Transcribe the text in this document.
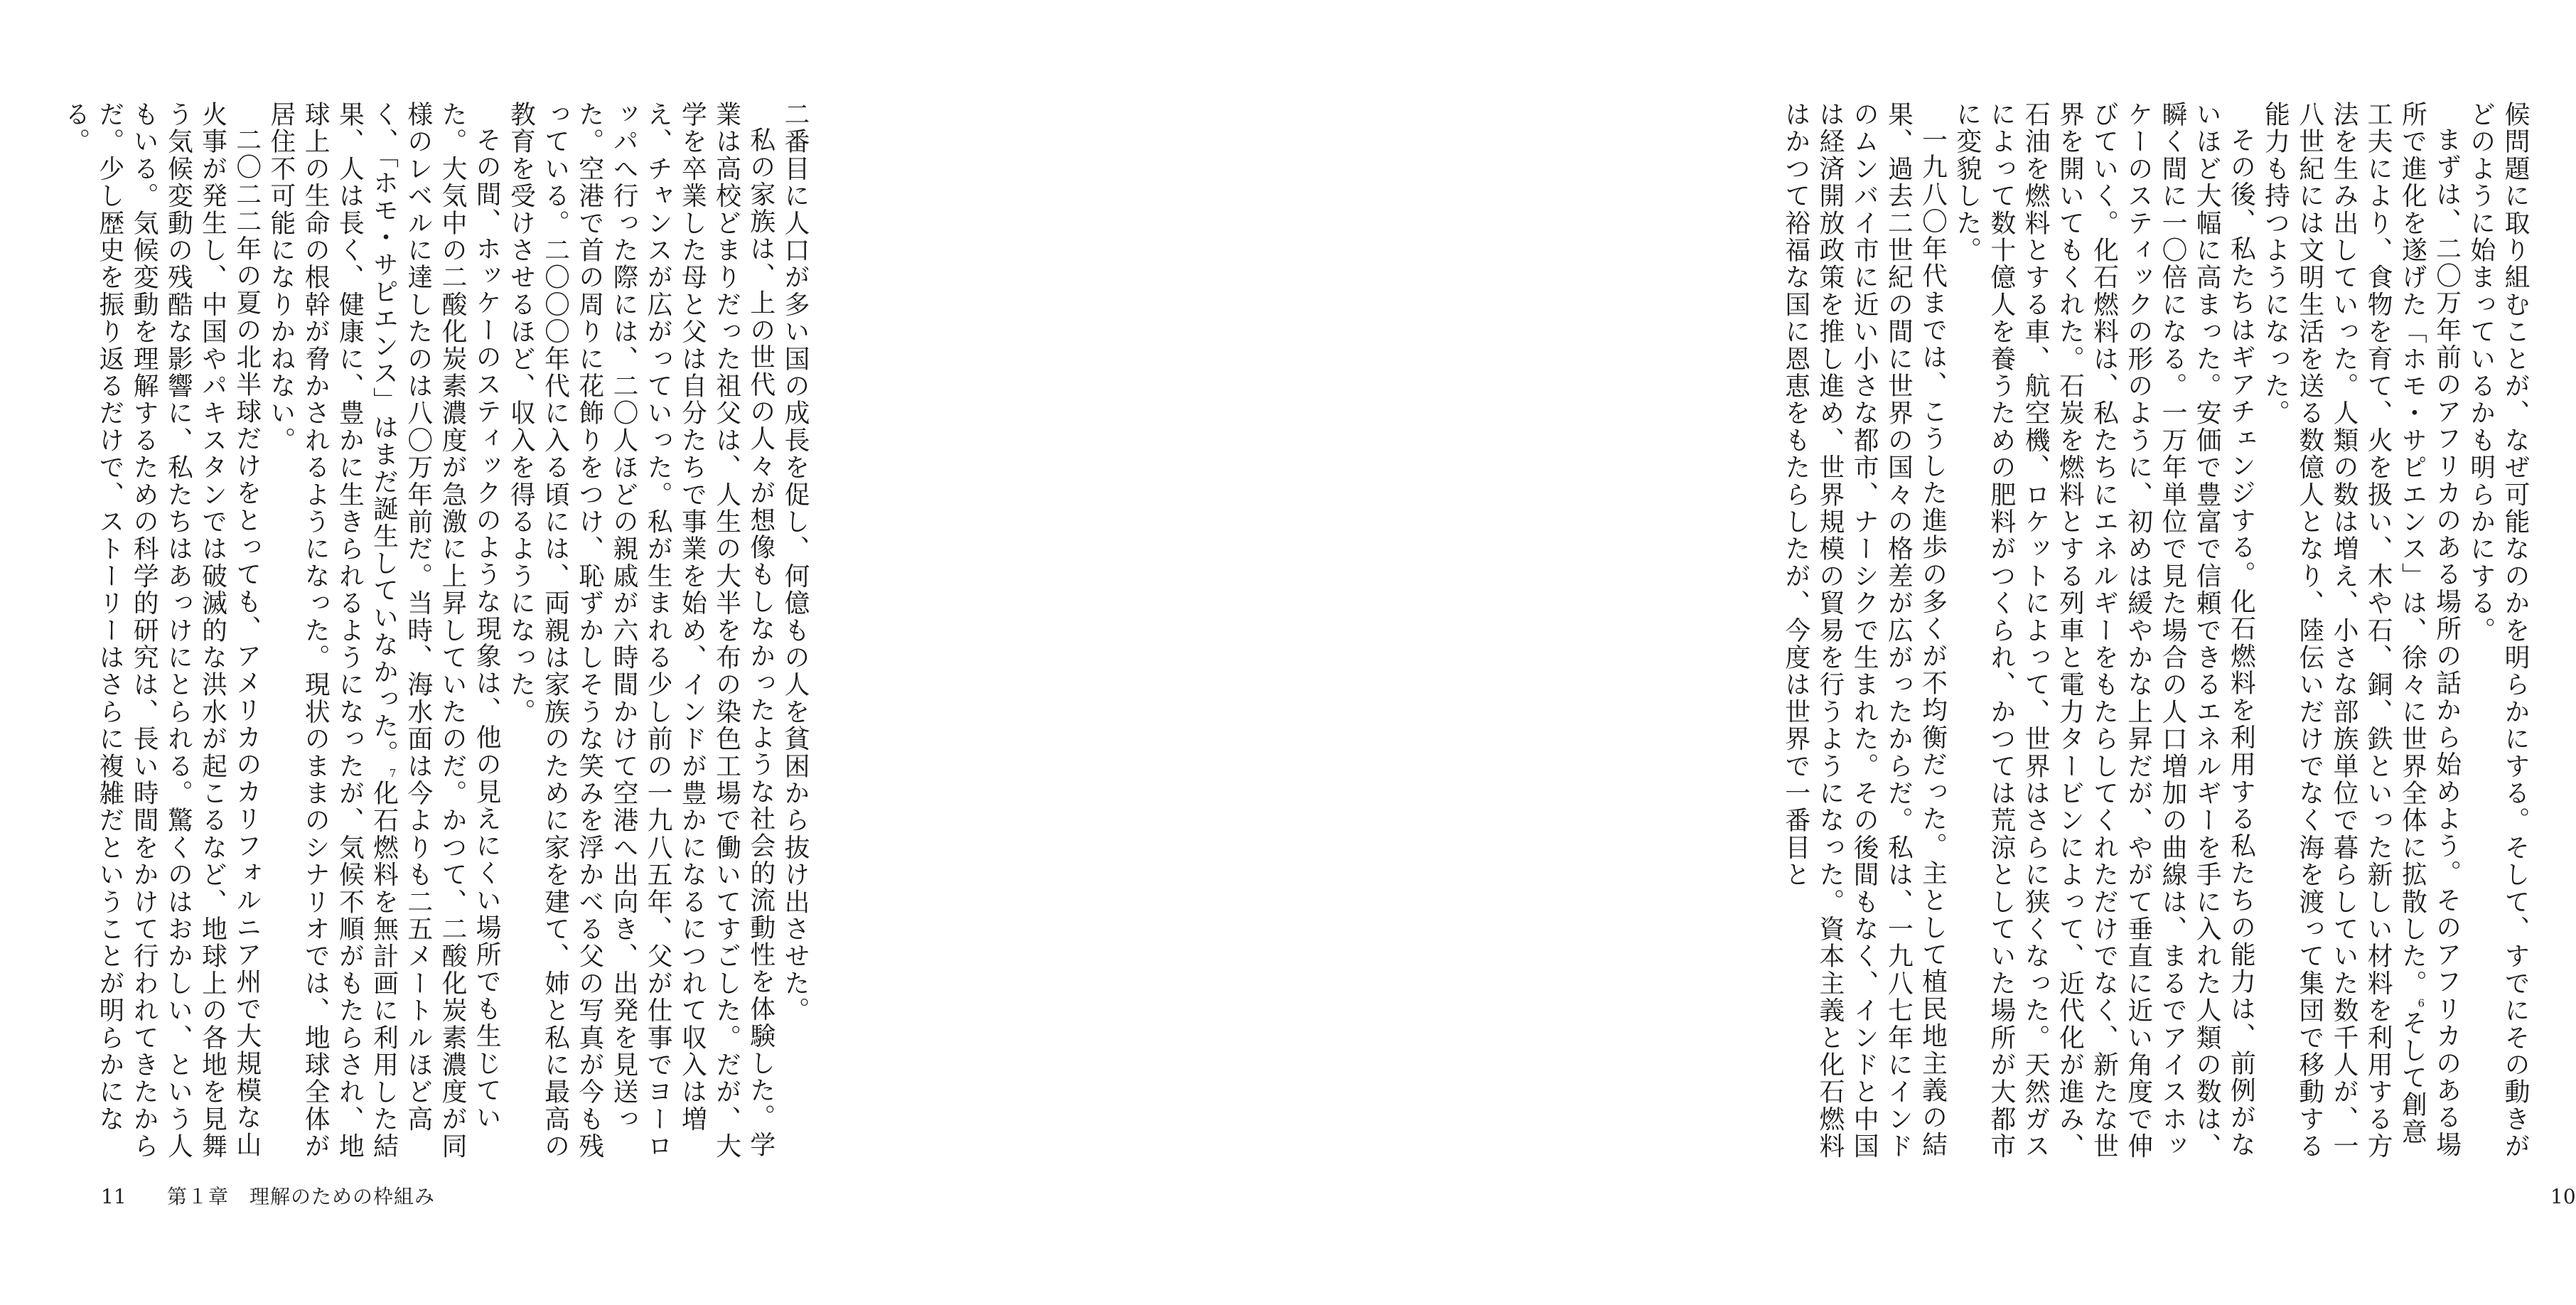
候問題に取り組むことが、なぜ可能なのかを明らかにする。そして、すでにその動きがどのように始まっているかも明らかにする。

まずは、二〇万年前のアフリカのある場所の話から始めよう。そのアフリカのある場所で進化を遂げた「ホモ・サピエンス」は、徐々に世界全体に拡散した。$^6$そして創意工夫により、食物を育て、火を扱い、木や石、銅、鉄といった新しい材料を利用する方法を生み出していった。人類の数は増え、小さな部族単位で暮らしていた数千人が、一八世紀には文明生活を送る数億人となり、陸伝いだけでなく海を渡って集団で移動する能力も持つようになった。

その後、私たちはギアチェンジする。化石燃料を利用する私たちの能力は、前例がないほど大幅に高まった。安価で豊富で信頼できるエネルギーを手に入れた人類の数は、瞬く間に一〇倍になる。一万年単位で見た場合の人口増加の曲線は、まるでアイスホッケーのスティックの形のように、初めは緩やかな上昇だが、やがて垂直に近い角度で伸びていく。化石燃料は、私たちにエネルギーをもたらしてくれただけでなく、新たな世界を開いてもくれた。石炭を燃料とする列車と電力タービンによって、近代化が進み、石油を燃料とする車、航空機、ロケットによって、世界はさらに狭くなった。天然ガスによって数十億人を養うための肥料がつくられ、かつては荒涼としていた場所が大都市に変貌した。

一九八〇年代までは、こうした進歩の多くが不均衡だった。主として植民地主義の結果、過去二世紀の間に世界の国々の格差が広がったからだ。私は、一九八七年にインドのムンバイ市に近い小さな都市、ナーシクで生まれた。その後間もなく、インドと中国は経済開放政策を推し進め、世界規模の貿易を行うようになった。資本主義と化石燃料はかつて裕福な国に恩恵をもたらしたが、今度は世界で一番目と

10

二番目に人口が多い国の成長を促し、何億もの人を貧困から抜け出させた。

私の家族は、上の世代の人々が想像もしなかったような社会的流動性を体験した。学業は高校どまりだった祖父は、人生の大半を布の染色工場で働いてすごした。だが、大学を卒業した母と父は自分たちで事業を始め、インドが豊かになるにつれて収入は増え、チャンスが広がっていった。私が生まれる少し前の一九八五年、父が仕事でヨーロッパへ行った際には、二〇人ほどの親戚が六時間かけて空港へ出向き、出発を見送った。空港で首の周りに花飾りをつけ、恥ずかしそうな笑みを浮かべる父の写真が今も残っている。二〇〇〇年代に入る頃には、両親は家族のために家を建て、姉と私に最高の教育を受けさせるほど、収入を得るようになった。

その間、ホッケーのスティックのような現象は、他の見えにくい場所でも生じていた。大気中の二酸化炭素濃度が急激に上昇していたのだ。かつて、二酸化炭素濃度が同様のレベルに達したのは八〇万年前だ。当時、海水面は今よりも二五メートルほど高く、「ホモ・サピエンス」はまだ誕生していなかった。$^7$化石燃料を無計画に利用した結果、人は長く、健康に、豊かに生きられるようになったが、気候不順がもたらされ、地球上の生命の根幹が脅かされるようになった。現状のままのシナリオでは、地球全体が居住不可能になりかねない。

二〇二二年の夏の北半球だけをとっても、アメリカのカリフォルニア州で大規模な山火事が発生し、中国やパキスタンでは破滅的な洪水が起こるなど、地球上の各地を見舞う気候変動の残酷な影響に、私たちはあっけにとられる。驚くのはおかしい、という人もいる。気候変動を理解するための科学的研究は、長い時間をかけて行われてきたからだ。少し歴史を振り返るだけで、ストーリーはさらに複雑だということが明らかになる。

11 第１章　理解のための枠組み
